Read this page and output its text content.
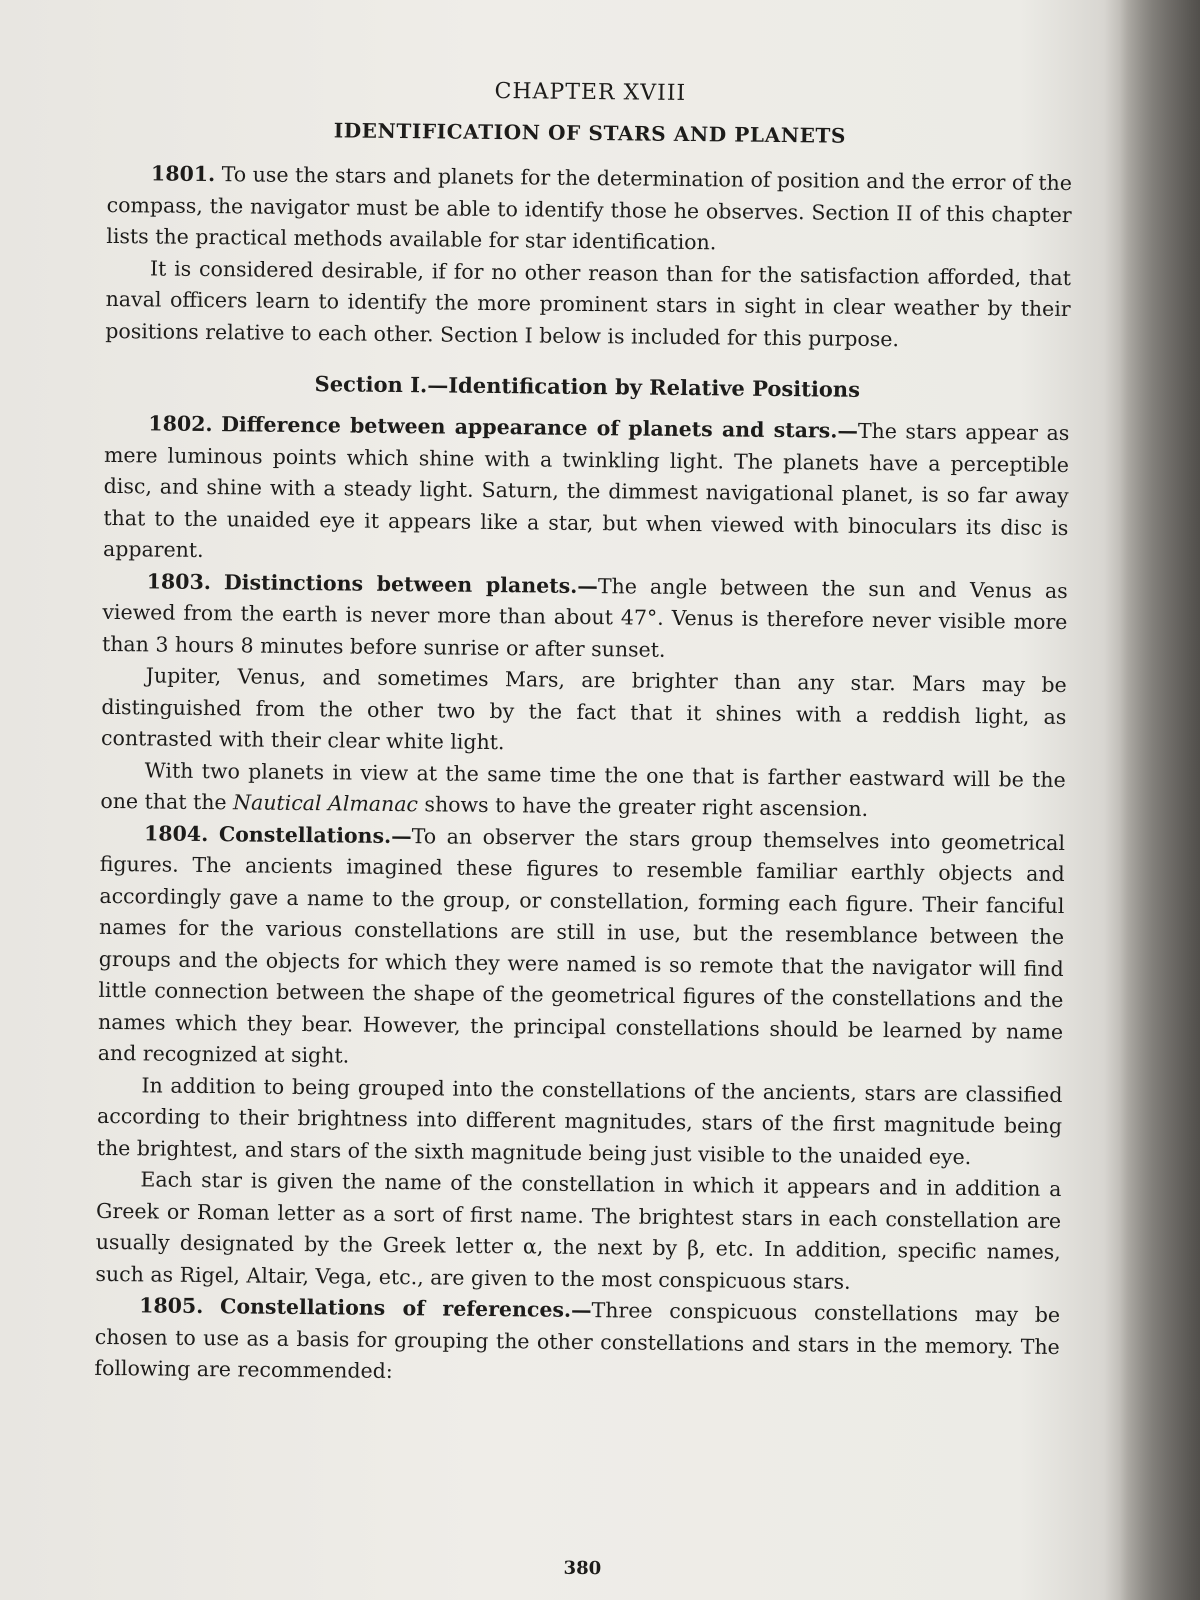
CHAPTER XVIII
IDENTIFICATION OF STARS AND PLANETS

1801. To use the stars and planets for the determination of position and the error of the compass, the navigator must be able to identify those he observes. Section II of this chapter lists the practical methods available for star identification.

It is considered desirable, if for no other reason than for the satisfaction afforded, that naval officers learn to identify the more prominent stars in sight in clear weather by their positions relative to each other. Section I below is included for this purpose.

Section I.—Identification by Relative Positions

1802. Difference between appearance of planets and stars.—The stars appear as mere luminous points which shine with a twinkling light. The planets have a perceptible disc, and shine with a steady light. Saturn, the dimmest navigational planet, is so far away that to the unaided eye it appears like a star, but when viewed with binoculars its disc is apparent.

1803. Distinctions between planets.—The angle between the sun and Venus as viewed from the earth is never more than about 47°. Venus is therefore never visible more than 3 hours 8 minutes before sunrise or after sunset.

Jupiter, Venus, and sometimes Mars, are brighter than any star. Mars may be distinguished from the other two by the fact that it shines with a reddish light, as contrasted with their clear white light.

With two planets in view at the same time the one that is farther eastward will be the one that the Nautical Almanac shows to have the greater right ascension.

1804. Constellations.—To an observer the stars group themselves into geometrical figures. The ancients imagined these figures to resemble familiar earthly objects and accordingly gave a name to the group, or constellation, forming each figure. Their fanciful names for the various constellations are still in use, but the resemblance between the groups and the objects for which they were named is so remote that the navigator will find little connection between the shape of the geometrical figures of the constellations and the names which they bear. However, the principal constellations should be learned by name and recognized at sight.

In addition to being grouped into the constellations of the ancients, stars are classified according to their brightness into different magnitudes, stars of the first magnitude being the brightest, and stars of the sixth magnitude being just visible to the unaided eye.

Each star is given the name of the constellation in which it appears and in addition a Greek or Roman letter as a sort of first name. The brightest stars in each constellation are usually designated by the Greek letter α, the next by β, etc. In addition, specific names, such as Rigel, Altair, Vega, etc., are given to the most conspicuous stars.

1805. Constellations of references.—Three conspicuous constellations may be chosen to use as a basis for grouping the other constellations and stars in the memory. The following are recommended:

380
